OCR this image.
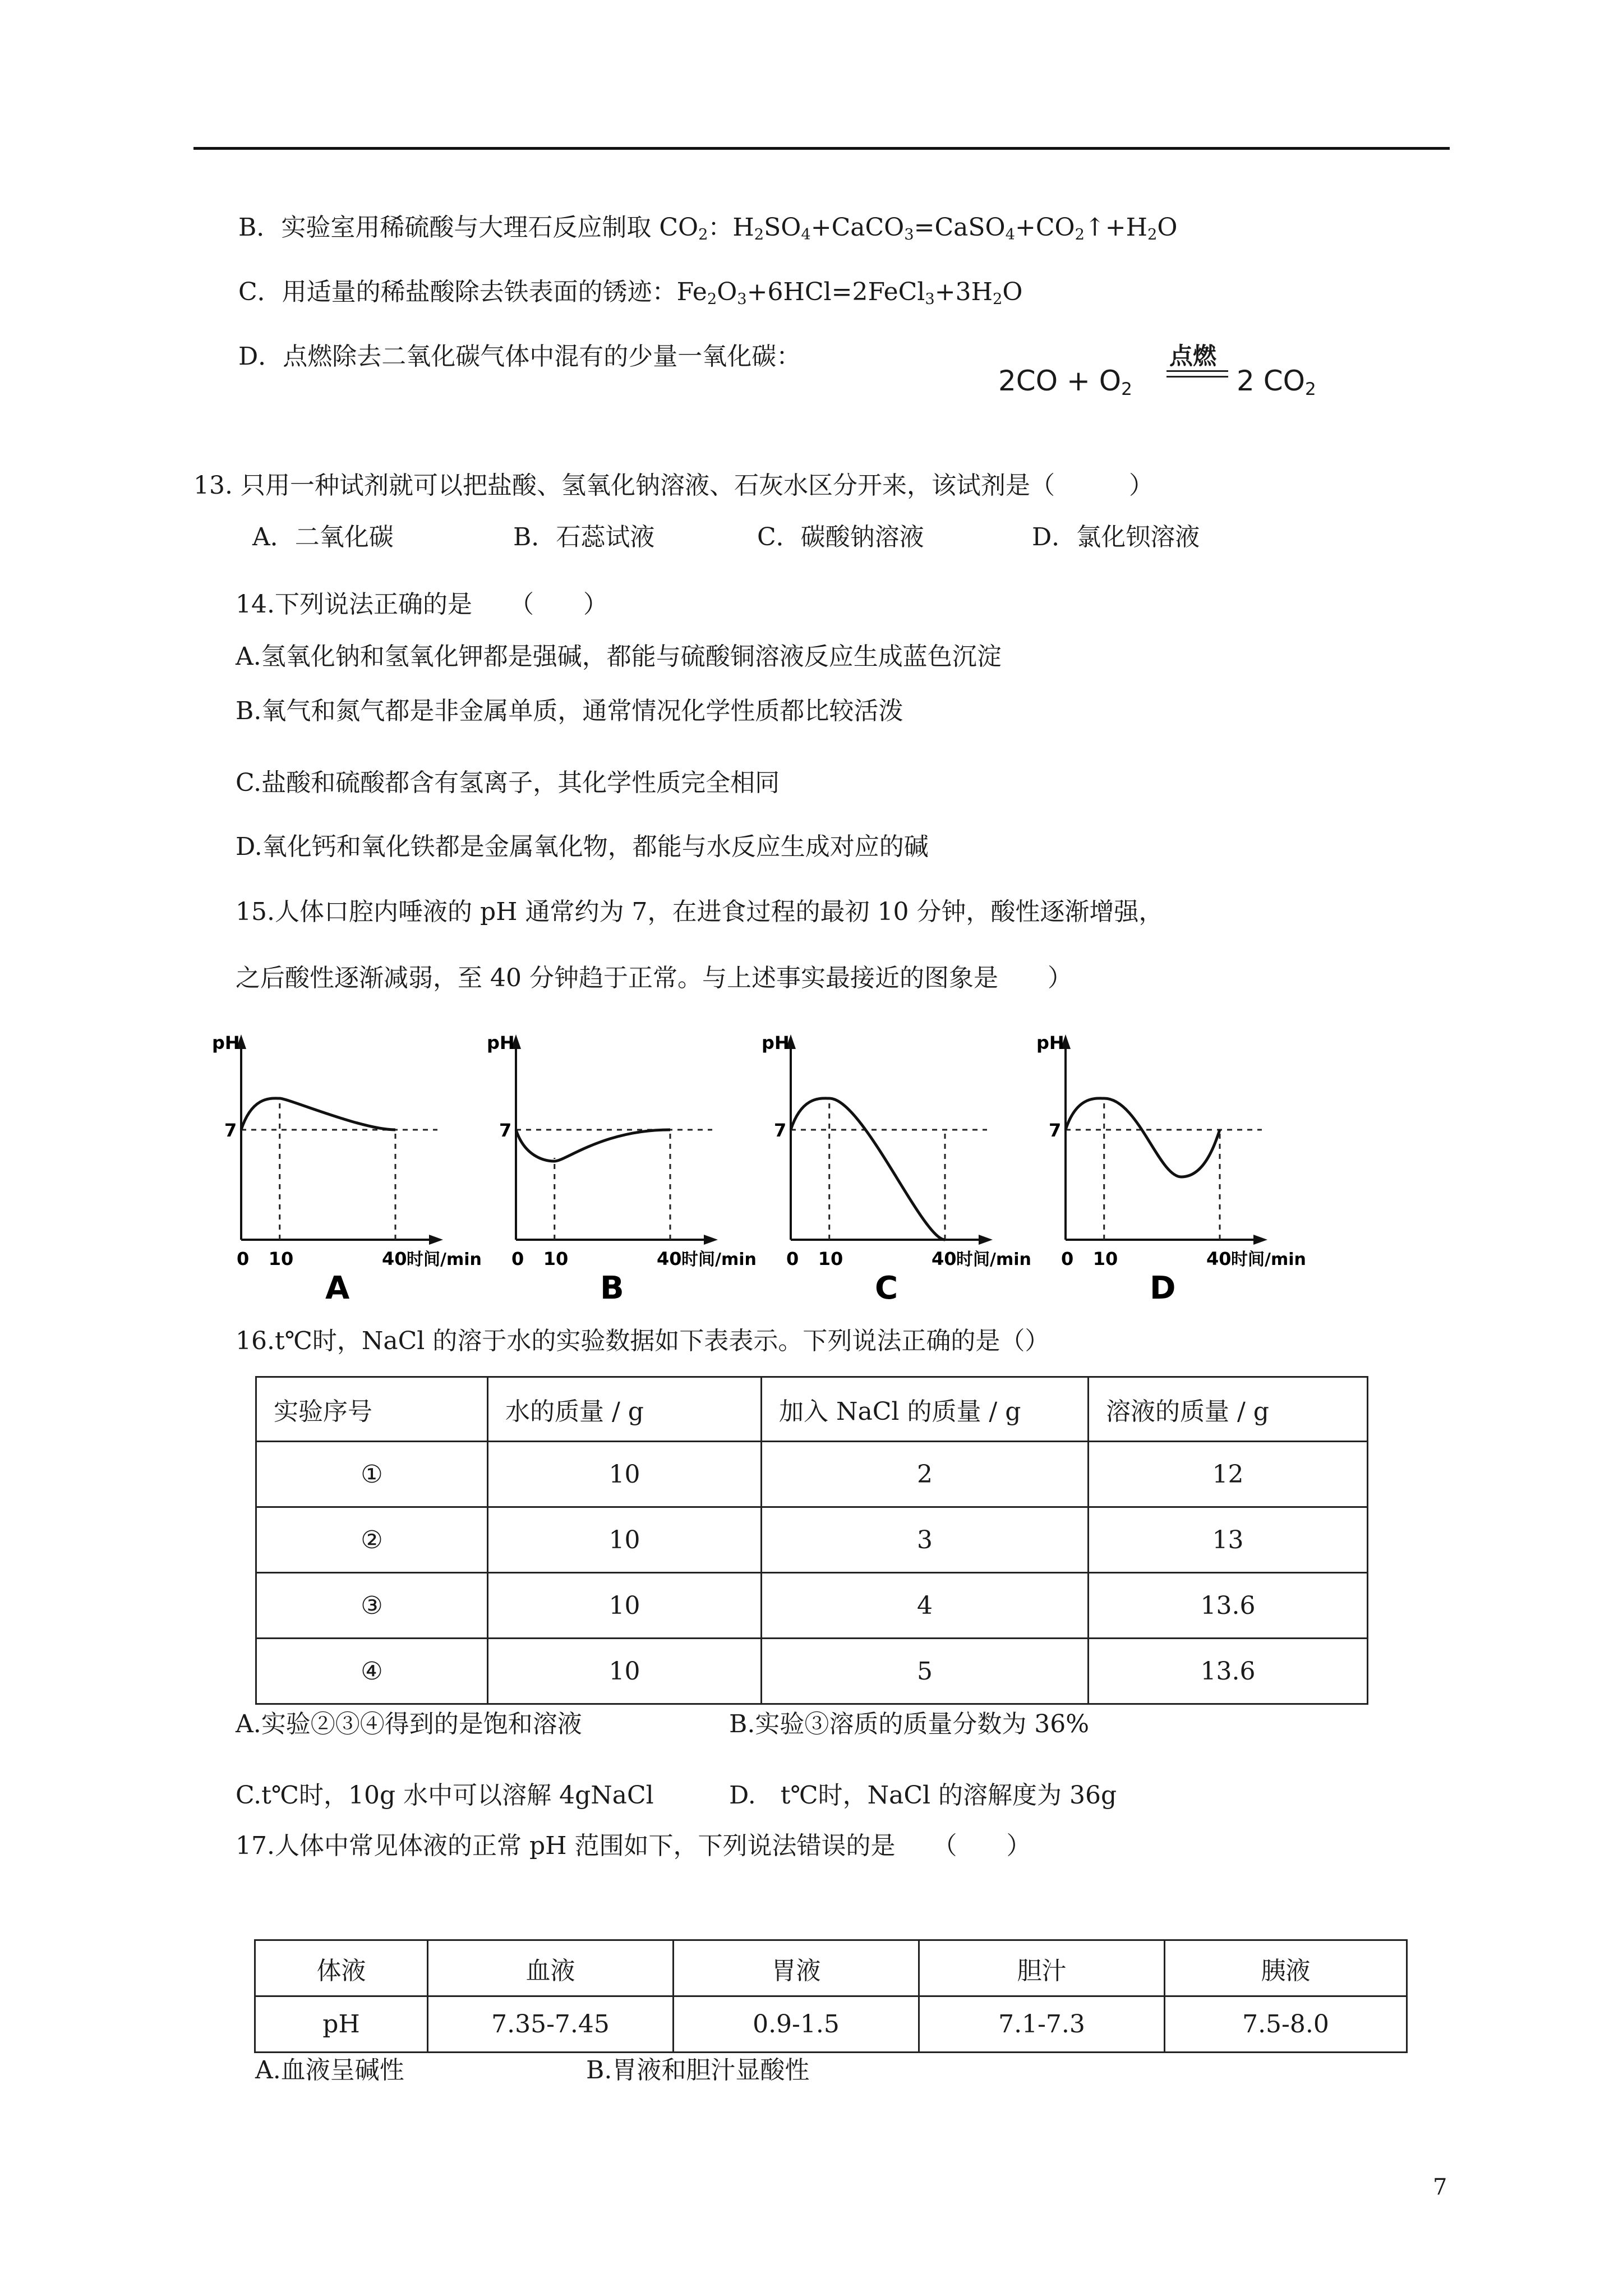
B．实验室用稀硫酸与大理石反应制取 $CO_2$：$H_2SO_4+CaCO_3=CaSO_4+CO_2↑+H_2O$
C．用适量的稀盐酸除去铁表面的锈迹：$Fe_2O_3+6HCl=2FeCl_3+3H_2O$
D．点燃除去二氧化碳气体中混有的少量一氧化碳：
$2CO + O_2$
点燃
2 $CO_2$
13. 只用一种试剂就可以把盐酸、氢氧化钠溶液、石灰水区分开来，该试剂是（　　　）
A．二氧化碳	B．石蕊试液	C．碳酸钠溶液	D．氯化钡溶液
14.下列说法正确的是　　（　　）
A.氢氧化钠和氢氧化钾都是强碱，都能与硫酸铜溶液反应生成蓝色沉淀
B.氧气和氮气都是非金属单质，通常情况化学性质都比较活泼
C.盐酸和硫酸都含有氢离子，其化学性质完全相同
D.氧化钙和氧化铁都是金属氧化物，都能与水反应生成对应的碱
15.人体口腔内唾液的 pH 通常约为 7，在进食过程的最初 10 分钟，酸性逐渐增强，
之后酸性逐渐减弱，至 40 分钟趋于正常。与上述事实最接近的图象是　　）
pH
7
0 10	40 时间/min
A
pH
7
0 10	40 时间/min
B
pH
7
0 10	40 时间/min
C
pH
7
0 10	40 时间/min
D
16.t℃时，NaCl 的溶于水的实验数据如下表表示。下列说法正确的是（）
实验序号	水的质量 / g	加入 NaCl 的质量 / g	溶液的质量 / g
①	10	2	12
②	10	3	13
③	10	4	13.6
④	10	5	13.6
A.实验②③④得到的是饱和溶液	B.实验③溶质的质量分数为 36%
C.t℃时，10g 水中可以溶解 4gNaCl	D.　t℃时，NaCl 的溶解度为 36g
17.人体中常见体液的正常 pH 范围如下，下列说法错误的是　　（　　）
体液	血液	胃液	胆汁	胰液
pH	7.35-7.45	0.9-1.5	7.1-7.3	7.5-8.0
A.血液呈碱性	B.胃液和胆汁显酸性
7
